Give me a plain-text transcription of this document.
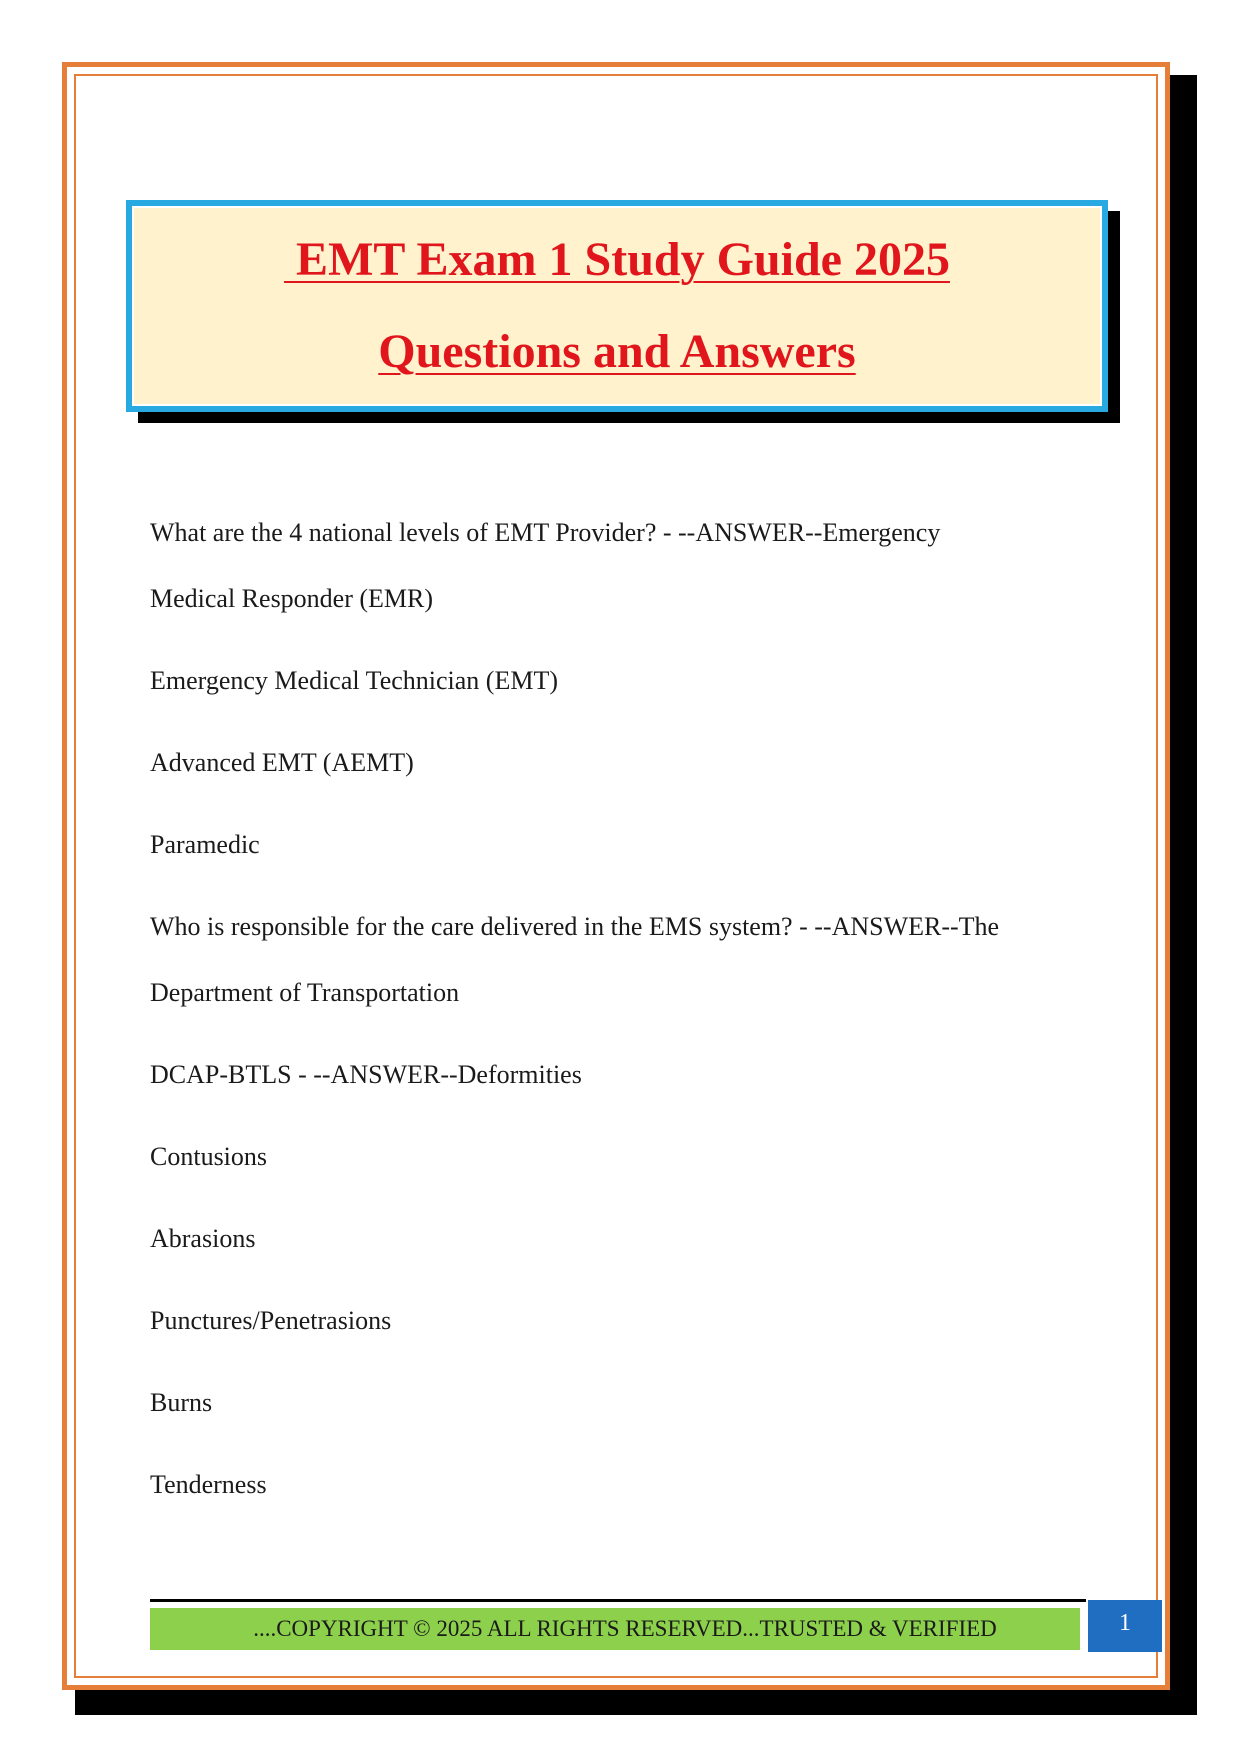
EMT Exam 1 Study Guide 2025
Questions and Answers

What are the 4 national levels of EMT Provider? - --ANSWER--Emergency

Medical Responder (EMR)

Emergency Medical Technician (EMT)

Advanced EMT (AEMT)

Paramedic

Who is responsible for the care delivered in the EMS system? - --ANSWER--The

Department of Transportation

DCAP-BTLS - --ANSWER--Deformities

Contusions

Abrasions

Punctures/Penetrasions

Burns

Tenderness

....COPYRIGHT © 2025 ALL RIGHTS RESERVED...TRUSTED & VERIFIED	1
